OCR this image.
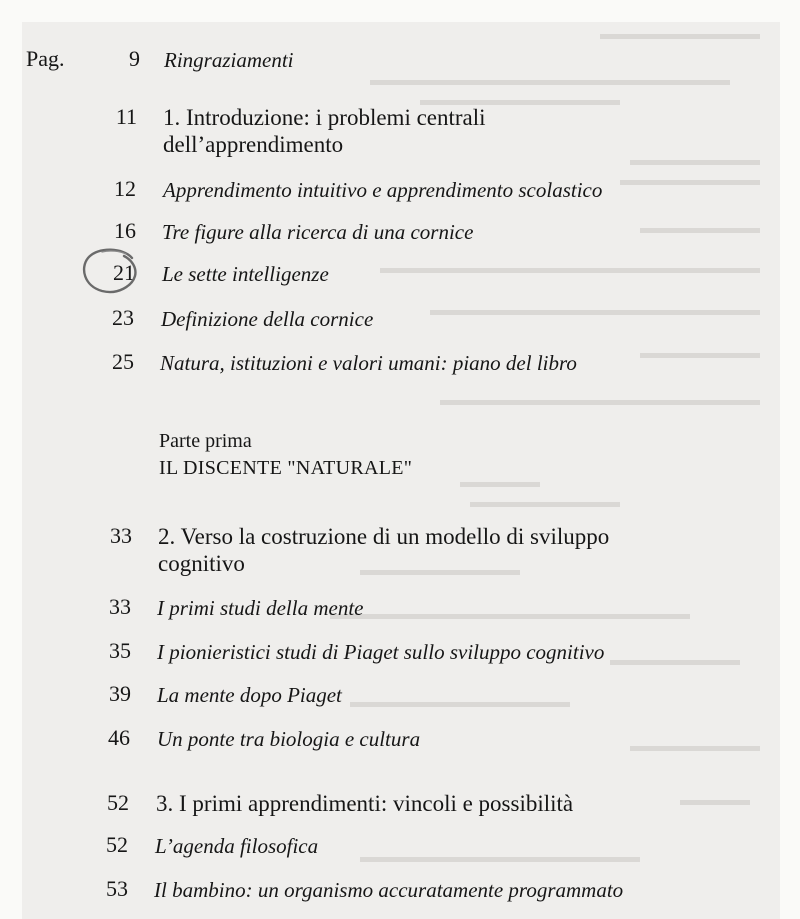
Pag.	9 Ringraziamenti
11 1. Introduzione: i problemi centrali
dell’apprendimento
12 Apprendimento intuitivo e apprendimento scolastico
16 Tre figure alla ricerca di una cornice
21 Le sette intelligenze
23 Definizione della cornice
25 Natura, istituzioni e valori umani: piano del libro
Parte prima
IL DISCENTE "NATURALE"
33 2. Verso la costruzione di un modello di sviluppo
cognitivo
33 I primi studi della mente
35 I pionieristici studi di Piaget sullo sviluppo cognitivo
39 La mente dopo Piaget
46 Un ponte tra biologia e cultura
52 3. I primi apprendimenti: vincoli e possibilità
52 L’agenda filosofica
53 Il bambino: un organismo accuratamente programmato
